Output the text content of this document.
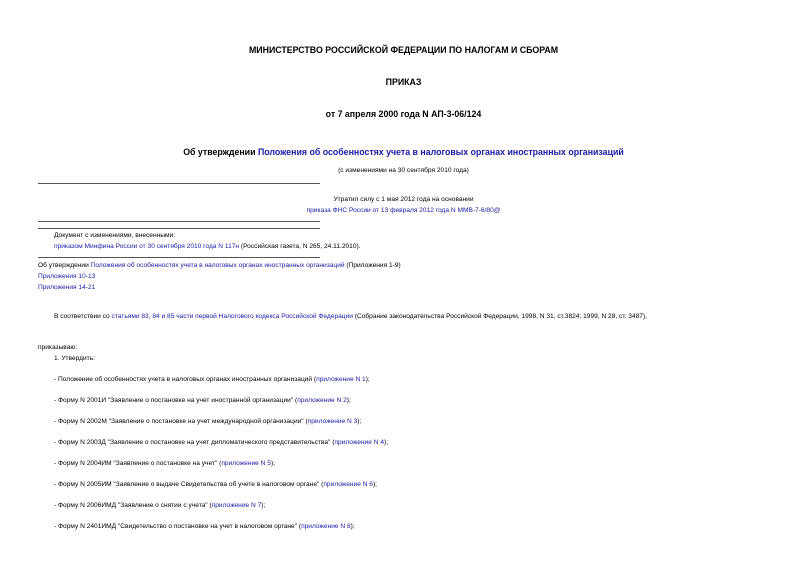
МИНИСТЕРСТВО РОССИЙСКОЙ ФЕДЕРАЦИИ ПО НАЛОГАМ И СБОРАМ
ПРИКАЗ
от 7 апреля 2000 года N АП-3-06/124
Об утверждении Положения об особенностях учета в налоговых органах иностранных организаций
(с изменениями на 30 сентября 2010 года)
Утратил силу с 1 мая 2012 года на основании
приказа ФНС России от 13 февраля 2012 года N ММВ-7-6/80@
Документ с изменениями, внесенными:
приказом Минфина России от 30 сентября 2010 года N 117н (Российская газета, N 265, 24.11.2010).
Об утверждении Положения об особенностях учета в налоговых органах иностранных организаций (Приложения 1-9)
Приложения 10-13
Приложения 14-21
В соответствии со статьями 83, 84 и 85 части первой Налогового кодекса Российской Федерации (Собрание законодательства Российской Федерации, 1998, N 31, ст.3824; 1999, N 28, ст. 3487),
приказываю:
1. Утвердить:
- Положение об особенностях учета в налоговых органах иностранных организаций (приложение N 1);
- Форму N 2001И "Заявление о постановке на учет иностранной организации" (приложение N 2);
- Форму N 2002М "Заявление о постановке на учет международной организации" (приложение N 3);
- Форму N 2003Д "Заявление о постановке на учет дипломатического представительства" (приложение N 4);
- Форму N 2004ИМ "Заявление о постановке на учет" (приложение N 5);
- Форму N 2005ИМ "Заявление о выдаче Свидетельства об учете в налоговом органе" (приложение N 6);
- Форму N 2006ИМД "Заявление о снятии с учета" (приложение N 7);
- Форму N 2401ИМД "Свидетельство о постановке на учет в налоговом органе" (приложение N 8);
